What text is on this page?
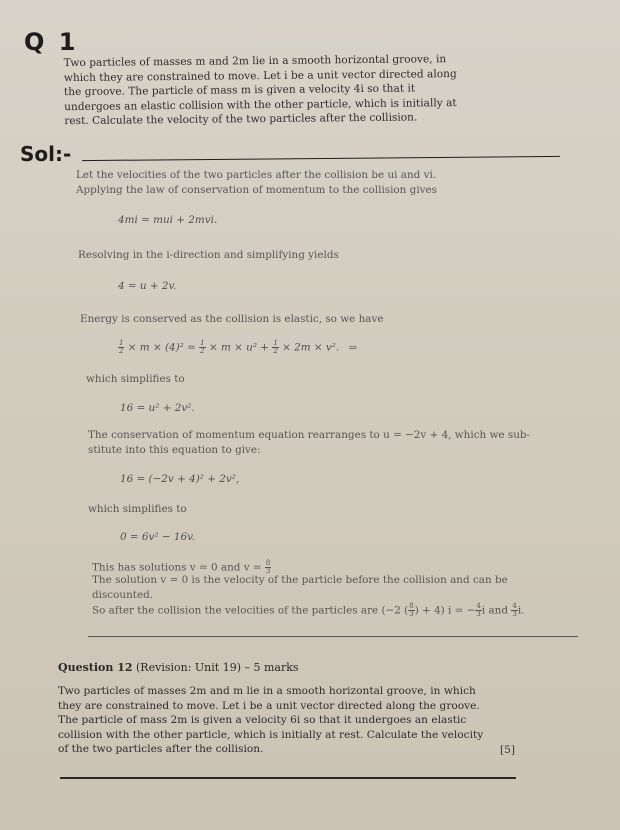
Q 1

Two particles of masses m and 2m lie in a smooth horizontal groove, in which they are constrained to move. Let i be a unit vector directed along the groove. The particle of mass m is given a velocity 4i so that it undergoes an elastic collision with the other particle, which is initially at rest. Calculate the velocity of the two particles after the collision.

Sol:-
Let the velocities of the two particles after the collision be ui and vi.
Applying the law of conservation of momentum to the collision gives
4mi = mui + 2mvi.
Resolving in the i-direction and simplifying yields
4 = u + 2v.
Energy is conserved as the collision is elastic, so we have
$\frac{1}{2} \times m \times (4)^2 = \frac{1}{2} \times m \times u^2 + \frac{1}{2} \times 2m \times v^2$. ⇒
which simplifies to
16 = u² + 2v².
The conservation of momentum equation rearranges to u = −2v + 4, which we sub-
stitute into this equation to give:
16 = (−2v + 4)² + 2v²,
which simplifies to
0 = 6v² − 16v.
This has solutions v = 0 and $v = \frac{8}{3}$
The solution v = 0 is the velocity of the particle before the collision and can be
discounted.
So after the collision the velocities of the particles are (−2 ( $\frac{8}{3}$ ) + 4) i = − $\frac{4}{3}$ i and $\frac{4}{3} i$.
Question 12 (Revision: Unit 19) – 5 marks

Two particles of masses 2m and m lie in a smooth horizontal groove, in which they are constrained to move. Let i be a unit vector directed along the groove. The particle of mass 2m is given a velocity 6i so that it undergoes an elastic collision with the other particle, which is initially at rest. Calculate the velocity of the two particles after the collision.	[5]
